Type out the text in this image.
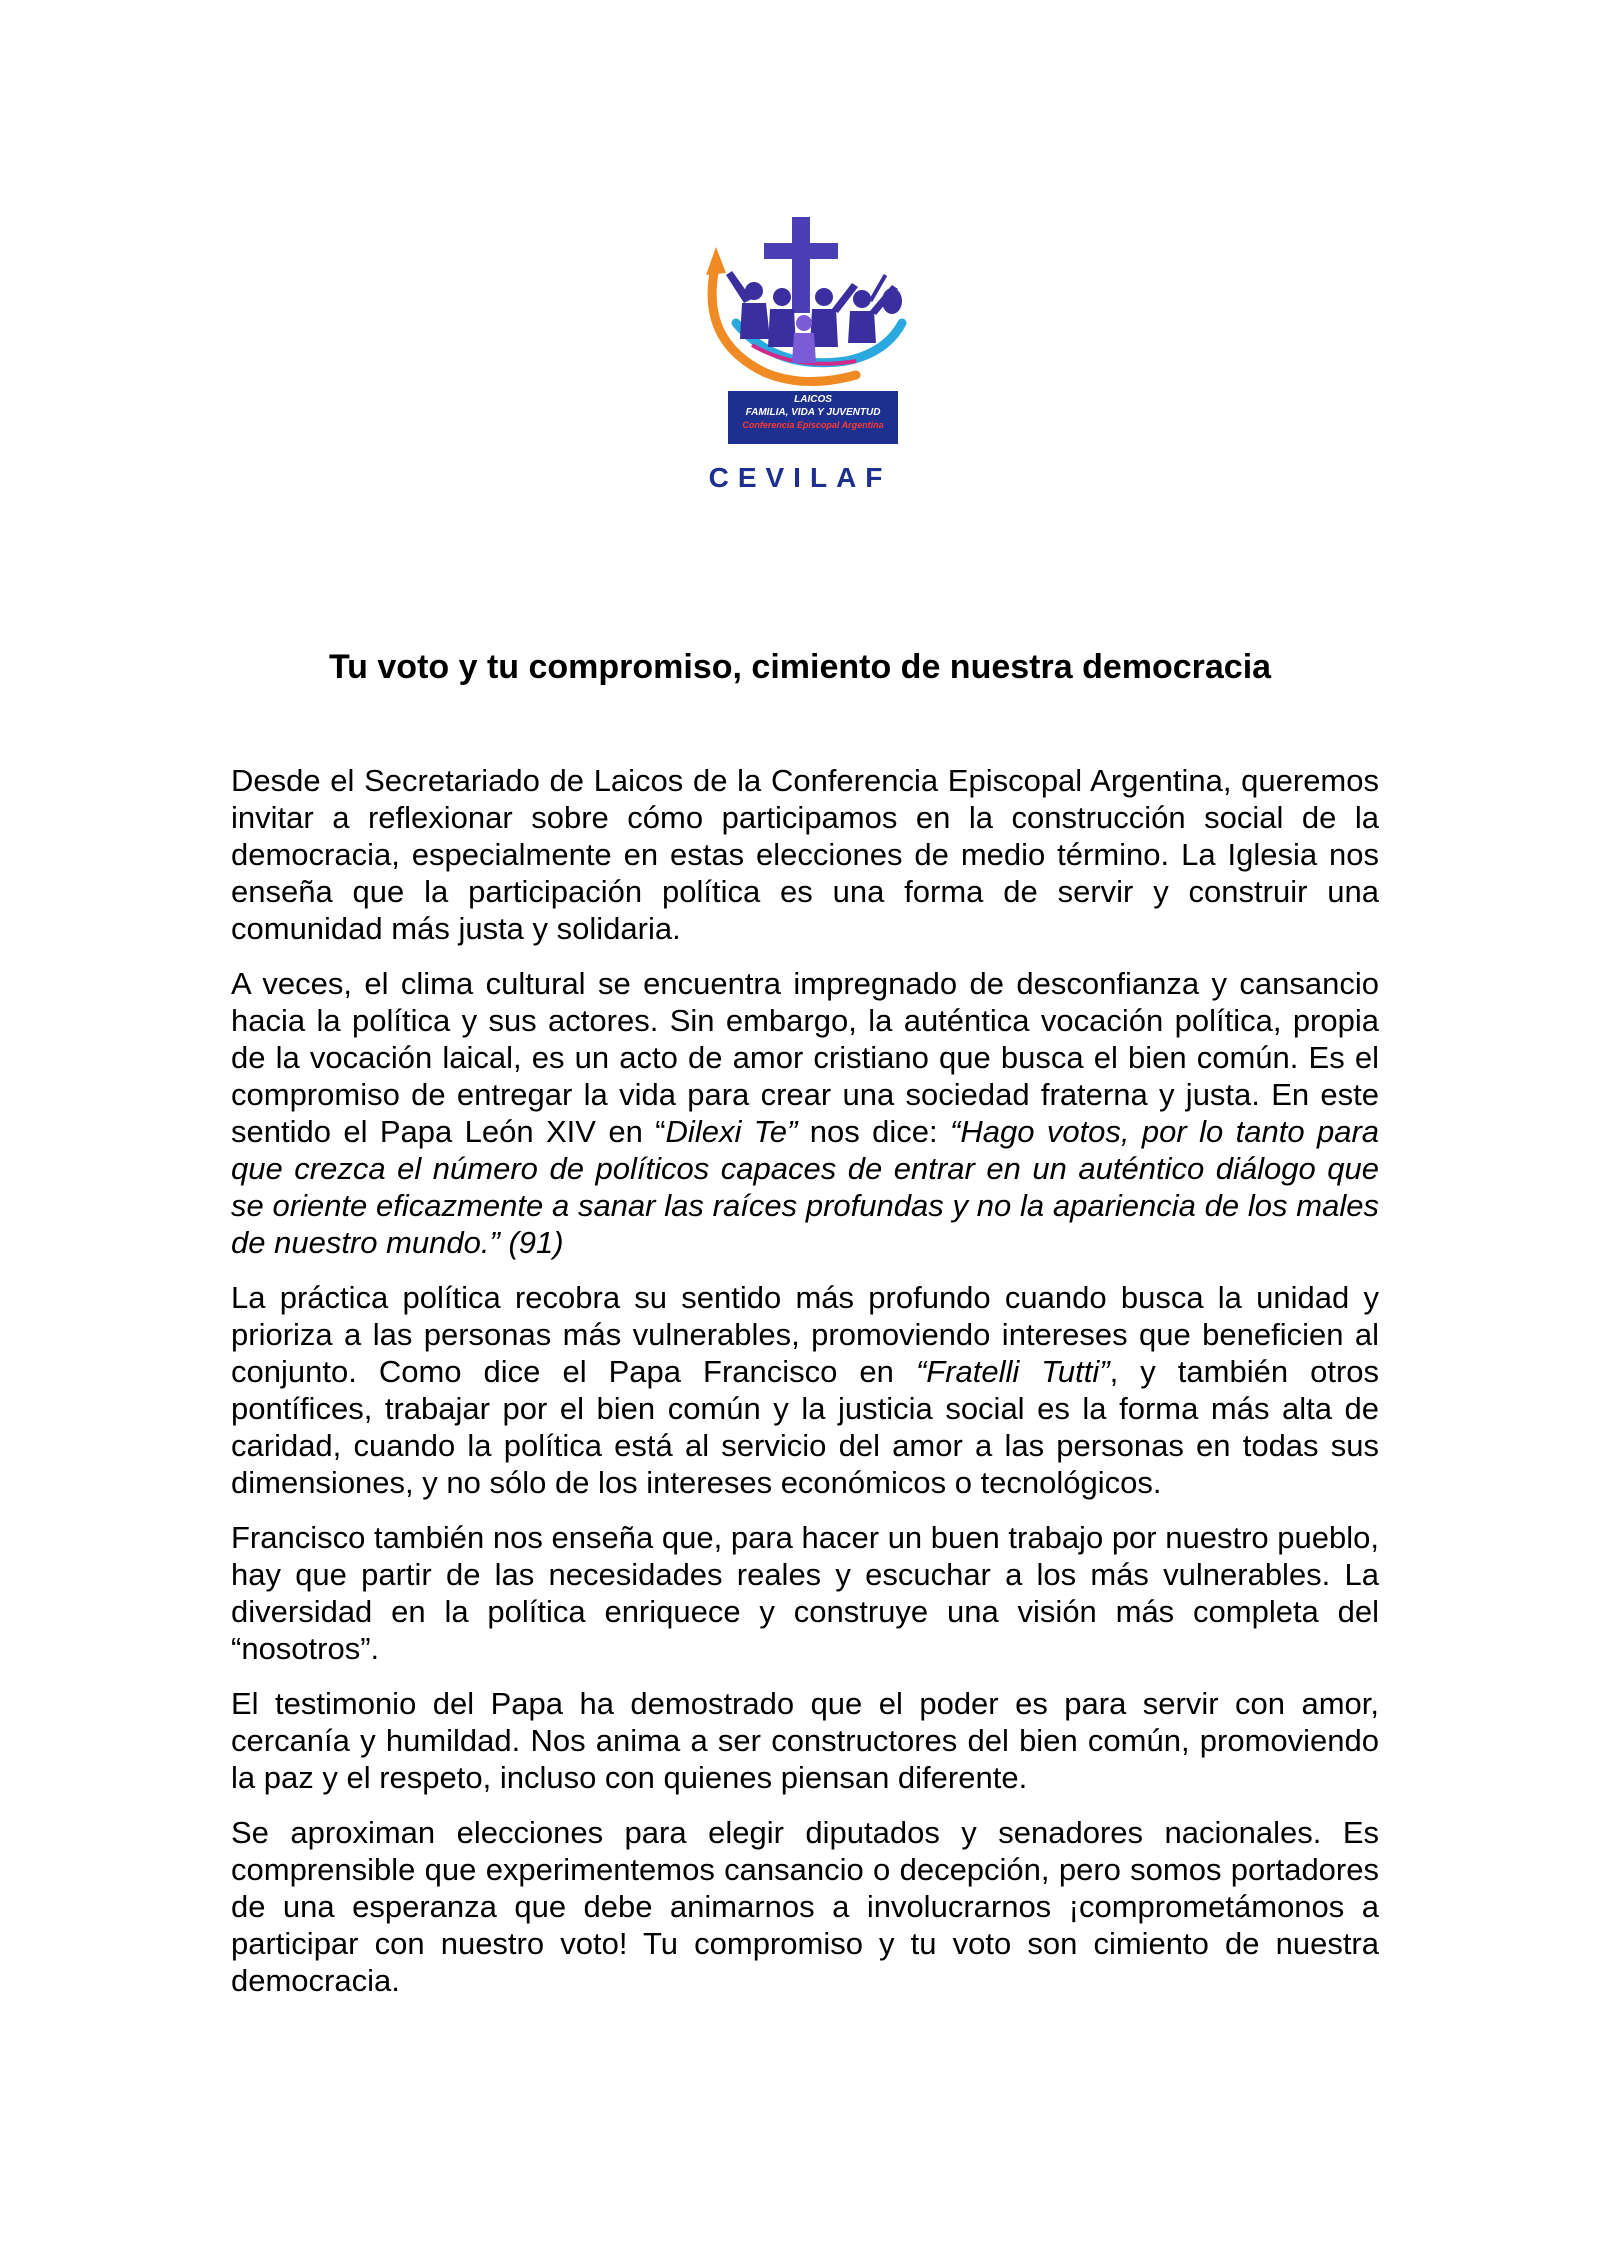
LAICOS
FAMILIA, VIDA Y JUVENTUD
Conferencia Episcopal Argentina
CEVILAF
Tu voto y tu compromiso, cimiento de nuestra democracia

Desde el Secretariado de Laicos de la Conferencia Episcopal Argentina, queremos invitar a reflexionar sobre cómo participamos en la construcción social de la democracia, especialmente en estas elecciones de medio término. La Iglesia nos enseña que la participación política es una forma de servir y construir una comunidad más justa y solidaria.

A veces, el clima cultural se encuentra impregnado de desconfianza y cansancio hacia la política y sus actores. Sin embargo, la auténtica vocación política, propia de la vocación laical, es un acto de amor cristiano que busca el bien común. Es el compromiso de entregar la vida para crear una sociedad fraterna y justa. En este sentido el Papa León XIV en “Dilexi Te” nos dice: “Hago votos, por lo tanto para que crezca el número de políticos capaces de entrar en un auténtico diálogo que se oriente eficazmente a sanar las raíces profundas y no la apariencia de los males de nuestro mundo.” (91)

La práctica política recobra su sentido más profundo cuando busca la unidad y prioriza a las personas más vulnerables, promoviendo intereses que beneficien al conjunto. Como dice el Papa Francisco en “Fratelli Tutti”, y también otros pontífices, trabajar por el bien común y la justicia social es la forma más alta de caridad, cuando la política está al servicio del amor a las personas en todas sus dimensiones, y no sólo de los intereses económicos o tecnológicos.

Francisco también nos enseña que, para hacer un buen trabajo por nuestro pueblo, hay que partir de las necesidades reales y escuchar a los más vulnerables. La diversidad en la política enriquece y construye una visión más completa del “nosotros”.

El testimonio del Papa ha demostrado que el poder es para servir con amor, cercanía y humildad. Nos anima a ser constructores del bien común, promoviendo la paz y el respeto, incluso con quienes piensan diferente.

Se aproximan elecciones para elegir diputados y senadores nacionales. Es comprensible que experimentemos cansancio o decepción, pero somos portadores de una esperanza que debe animarnos a involucrarnos ¡comprometámonos a participar con nuestro voto! Tu compromiso y tu voto son cimiento de nuestra democracia.
